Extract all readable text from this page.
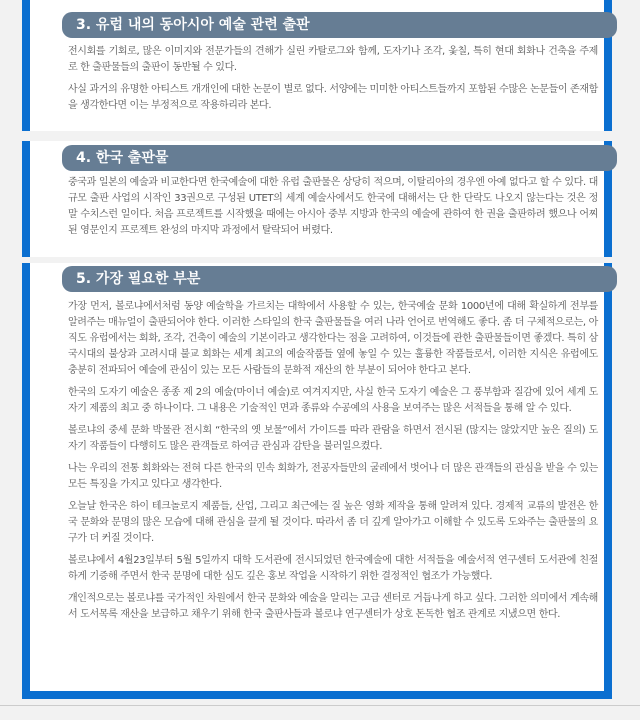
3. 유럽 내의 동아시아 예술 관련 출판

전시회를 기회로, 많은 이미지와 전문가들의 견해가 실린 카탈로그와 함께, 도자기나 조각, 옻칠, 특히 현대 회화나 건축을 주제로 한 출판물들의 출판이 동반될 수 있다.

사실 과거의 유명한 아티스트 개개인에 대한 논문이 별로 없다. 서양에는 미미한 아티스트들까지 포함된 수많은 논문들이 존재함을 생각한다면 이는 부정적으로 작용하리라 본다.

4. 한국 출판물

중국과 일본의 예술과 비교한다면 한국예술에 대한 유럽 출판물은 상당히 적으며, 이탈리아의 경우엔 아예 없다고 할 수 있다. 대규모 출판 사업의 시작인 33권으로 구성된 UTET의 세계 예술사에서도 한국에 대해서는 단 한 단락도 나오지 않는다는 것은 정말 수치스런 일이다. 처음 프로젝트를 시작했을 때에는 아시아 중부 지방과 한국의 예술에 관하여 한 권을 출판하려 했으나 어찌된 영문인지 프로젝트 완성의 마지막 과정에서 탈락되어 버렸다.

5. 가장 필요한 부분

가장 먼저, 볼로냐에서처럼 동양 예술학을 가르치는 대학에서 사용할 수 있는, 한국예술 문화 1000년에 대해 확실하게 전부를 알려주는 매뉴얼이 출판되어야 한다. 이러한 스타일의 한국 출판물들을 여러 나라 언어로 번역해도 좋다. 좀 더 구체적으로는, 아직도 유럽에서는 회화, 조각, 건축이 예술의 기본이라고 생각한다는 점을 고려하여, 이것들에 관한 출판물들이면 좋겠다. 특히 삼국시대의 불상과 고려시대 불교 회화는 세계 최고의 예술작품들 옆에 놓일 수 있는 훌륭한 작품들로서, 이러한 지식은 유럽에도 충분히 전파되어 예술에 관심이 있는 모든 사람들의 문화적 재산의 한 부분이 되어야 한다고 본다.

한국의 도자기 예술은 종종 제 2의 예술(마이너 예술)로 여겨지지만, 사실 한국 도자기 예술은 그 풍부함과 질감에 있어 세계 도자기 제품의 최고 중 하나이다. 그 내용은 기술적인 면과 종류와 수공예의 사용을 보여주는 많은 서적들을 통해 알 수 있다.

볼로냐의 중세 문화 박물관 전시회 “한국의 옛 보물”에서 가이드를 따라 관람을 하면서 전시된 (많지는 않았지만 높은 질의) 도자기 작품들이 다행히도 많은 관객들로 하여금 관심과 감탄을 불러일으켰다.

나는 우리의 전통 회화와는 전혀 다른 한국의 민속 회화가, 전공자들만의 굴레에서 벗어나 더 많은 관객들의 관심을 받을 수 있는 모든 특징을 가지고 있다고 생각한다.

오늘날 한국은 하이 테크놀로지 제품들, 산업, 그리고 최근에는 질 높은 영화 제작을 통해 알려져 있다. 경제적 교류의 발전은 한국 문화와 문명의 많은 모습에 대해 관심을 끌게 될 것이다. 따라서 좀 더 깊게 알아가고 이해할 수 있도록 도와주는 출판물의 요구가 더 커질 것이다.

볼로냐에서 4월23일부터 5월 5일까지 대학 도서관에 전시되었던 한국예술에 대한 서적들을 예술서적 연구센터 도서관에 친절하게 기증해 주면서 한국 문명에 대한 심도 깊은 홍보 작업을 시작하기 위한 결정적인 협조가 가능했다.

개인적으로는 볼로냐를 국가적인 차원에서 한국 문화와 예술을 알리는 고급 센터로 거듭나게 하고 싶다. 그러한 의미에서 계속해서 도서목록 재산을 보급하고 채우기 위해 한국 출판사들과 볼로냐 연구센터가 상호 돈독한 협조 관계로 지냈으면 한다.
